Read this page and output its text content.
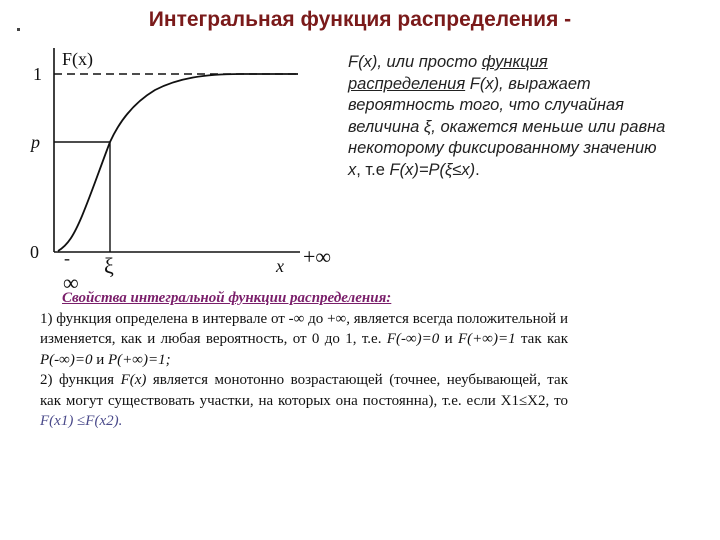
Интегральная функция распределения -
F(x)
1
p
0 -
∞
ξ	x +∞
F(x), или просто функция распределения F(x), выражает вероятность того, что случайная величина ξ, окажется меньше или равна некоторому фиксированному значению x, т.е F(x)=P(ξ≤x).
Свойства интегральной функции распределения:

1) функция определена в интервале от -∞ до +∞, является всегда положительной и изменяется, как и любая вероятность, от 0 до 1, т.е. F(-∞)=0 и F(+∞)=1 так как P(-∞)=0 и P(+∞)=1;

2) функция F(x) является монотонно возрастающей (точнее, неубывающей, так как могут существовать участки, на которых она постоянна), т.е. если X1≤X2, то F(x1) ≤F(x2).
